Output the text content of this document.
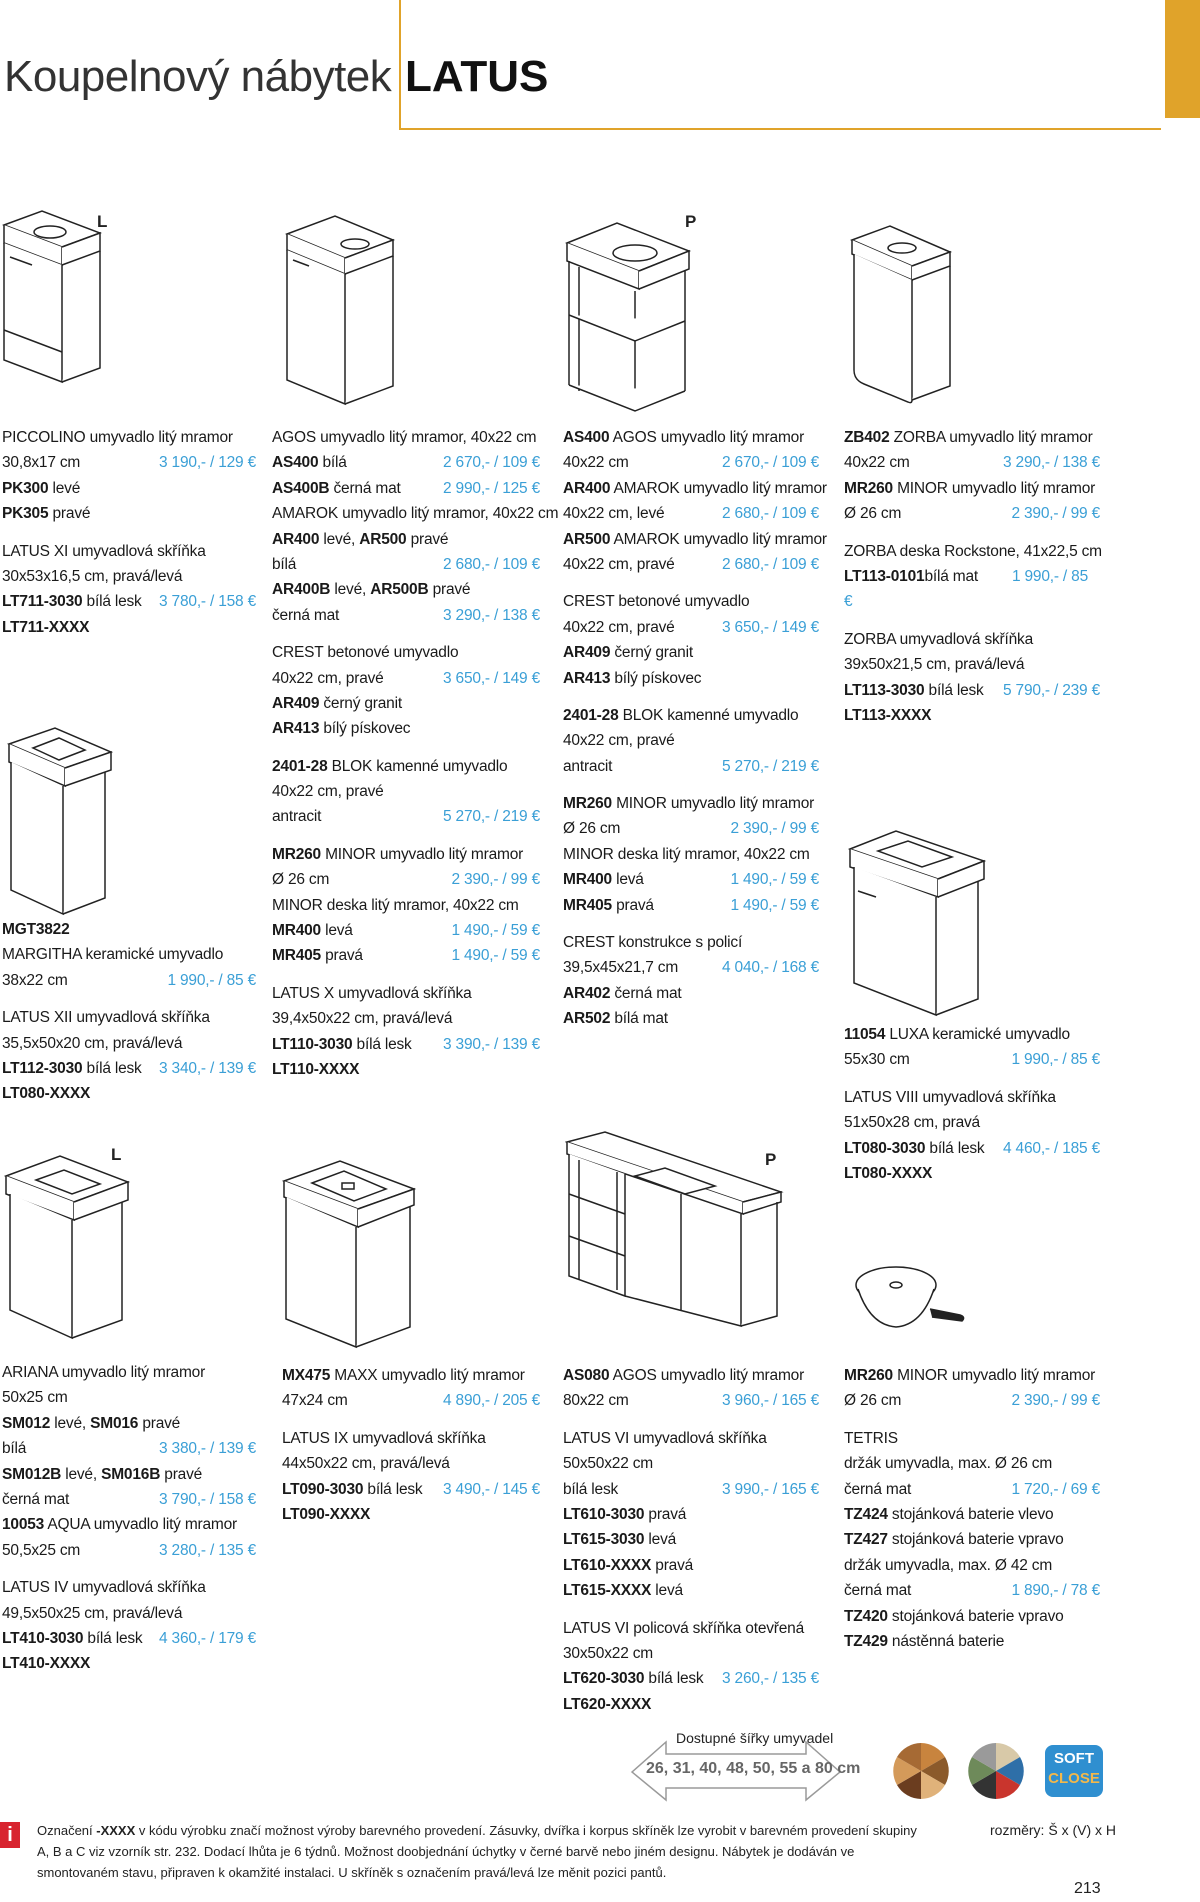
Koupelnový nábytek LATUS
L	P
L	P
PICCOLINO umyvadlo litý mramor
30,8x17 cm	3 190,- / 129 €
PK300 levé
PK305 pravé
LATUS XI umyvadlová skříňka
30x53x16,5 cm, pravá/levá
LT711-3030 bílá lesk 3 780,- / 158 €
LT711-XXXX
MGT3822
MARGITHA keramické umyvadlo
38x22 cm	1 990,- / 85 €
LATUS XII umyvadlová skříňka
35,5x50x20 cm, pravá/levá
LT112-3030 bílá lesk 3 340,- / 139 €
LT080-XXXX
AGOS umyvadlo litý mramor, 40x22 cm
AS400 bílá	2 670,- / 109 €
AS400B černá mat	2 990,- / 125 €
AMAROK umyvadlo litý mramor, 40x22 cm
AR400 levé, AR500 pravé
bílá	2 680,- / 109 €
AR400B levé, AR500B pravé
černá mat	3 290,- / 138 €
CREST betonové umyvadlo
40x22 cm, pravé	3 650,- / 149 €
AR409 černý granit
AR413 bílý pískovec
2401-28 BLOK kamenné umyvadlo
40x22 cm, pravé
antracit	5 270,- / 219 €
MR260 MINOR umyvadlo litý mramor
Ø 26 cm	2 390,- / 99 €
MINOR deska litý mramor, 40x22 cm
MR400 levá	1 490,- / 59 €
MR405 pravá	1 490,- / 59 €
LATUS X umyvadlová skříňka
39,4x50x22 cm, pravá/levá
LT110-3030 bílá lesk 3 390,- / 139 €
LT110-XXXX
AS400 AGOS umyvadlo litý mramor
40x22 cm	2 670,- / 109 €
AR400 AMAROK umyvadlo litý mramor
40x22 cm, levé	2 680,- / 109 €
AR500 AMAROK umyvadlo litý mramor
40x22 cm, pravé	2 680,- / 109 €
CREST betonové umyvadlo
40x22 cm, pravé	3 650,- / 149 €
AR409 černý granit
AR413 bílý pískovec
2401-28 BLOK kamenné umyvadlo
40x22 cm, pravé
antracit	5 270,- / 219 €
MR260 MINOR umyvadlo litý mramor
Ø 26 cm	2 390,- / 99 €
MINOR deska litý mramor, 40x22 cm
MR400 levá	1 490,- / 59 €
MR405 pravá	1 490,- / 59 €
CREST konstrukce s policí
39,5x45x21,7 cm	4 040,- / 168 €
AR402 černá mat
AR502 bílá mat
ZB402 ZORBA umyvadlo litý mramor
40x22 cm	3 290,- / 138 €
MR260 MINOR umyvadlo litý mramor
Ø 26 cm	2 390,- / 99 €
ZORBA deska Rockstone, 41x22,5 cm
LT113-0101bílá mat 1 990,- / 85
€
ZORBA umyvadlová skříňka
39x50x21,5 cm, pravá/levá
LT113-3030 bílá lesk 5 790,- / 239 €
LT113-XXXX
11054 LUXA keramické umyvadlo
55x30 cm	1 990,- / 85 €
LATUS VIII umyvadlová skříňka
51x50x28 cm, pravá
LT080-3030 bílá lesk 4 460,- / 185 €
LT080-XXXX
ARIANA umyvadlo litý mramor
50x25 cm
SM012 levé, SM016 pravé
bílá	3 380,- / 139 €
SM012B levé, SM016B pravé
černá mat	3 790,- / 158 €
10053 AQUA umyvadlo litý mramor
50,5x25 cm	3 280,- / 135 €
LATUS IV umyvadlová skříňka
49,5x50x25 cm, pravá/levá
LT410-3030 bílá lesk 4 360,- / 179 €
LT410-XXXX
MX475 MAXX umyvadlo litý mramor
47x24 cm	4 890,- / 205 €
LATUS IX umyvadlová skříňka
44x50x22 cm, pravá/levá
LT090-3030 bílá lesk 3 490,- / 145 €
LT090-XXXX
AS080 AGOS umyvadlo litý mramor
80x22 cm	3 960,- / 165 €
LATUS VI umyvadlová skříňka
50x50x22 cm
bílá lesk	3 990,- / 165 €
LT610-3030 pravá
LT615-3030 levá
LT610-XXXX pravá
LT615-XXXX levá
LATUS VI policová skříňka otevřená
30x50x22 cm
LT620-3030 bílá lesk 3 260,- / 135 €
LT620-XXXX
MR260 MINOR umyvadlo litý mramor
Ø 26 cm	2 390,- / 99 €
TETRIS
držák umyvadla, max. Ø 26 cm
černá mat	1 720,- / 69 €
TZ424 stojánková baterie vlevo
TZ427 stojánková baterie vpravo
držák umyvadla, max. Ø 42 cm
černá mat	1 890,- / 78 €
TZ420 stojánková baterie vpravo
TZ429 nástěnná baterie
Dostupné šířky umyvadel
26, 31, 40, 48, 50, 55 a 80 cm
SOFT
CLOSE
i	Označení -XXXX v kódu výrobku značí možnost výroby barevného provedení. Zásuvky, dvířka i korpus skříněk lze vyrobit v barevném provedení skupiny A, B a C viz vzorník str. 232. Dodací lhůta je 6 týdnů. Možnost doobjednání úchytky v černé barvě nebo jiném designu. Nábytek je dodáván ve smontovaném stavu, připraven k okamžité instalaci. U skříněk s označením pravá/levá lze měnit pozici pantů.
rozměry: Š x (V) x H
213
